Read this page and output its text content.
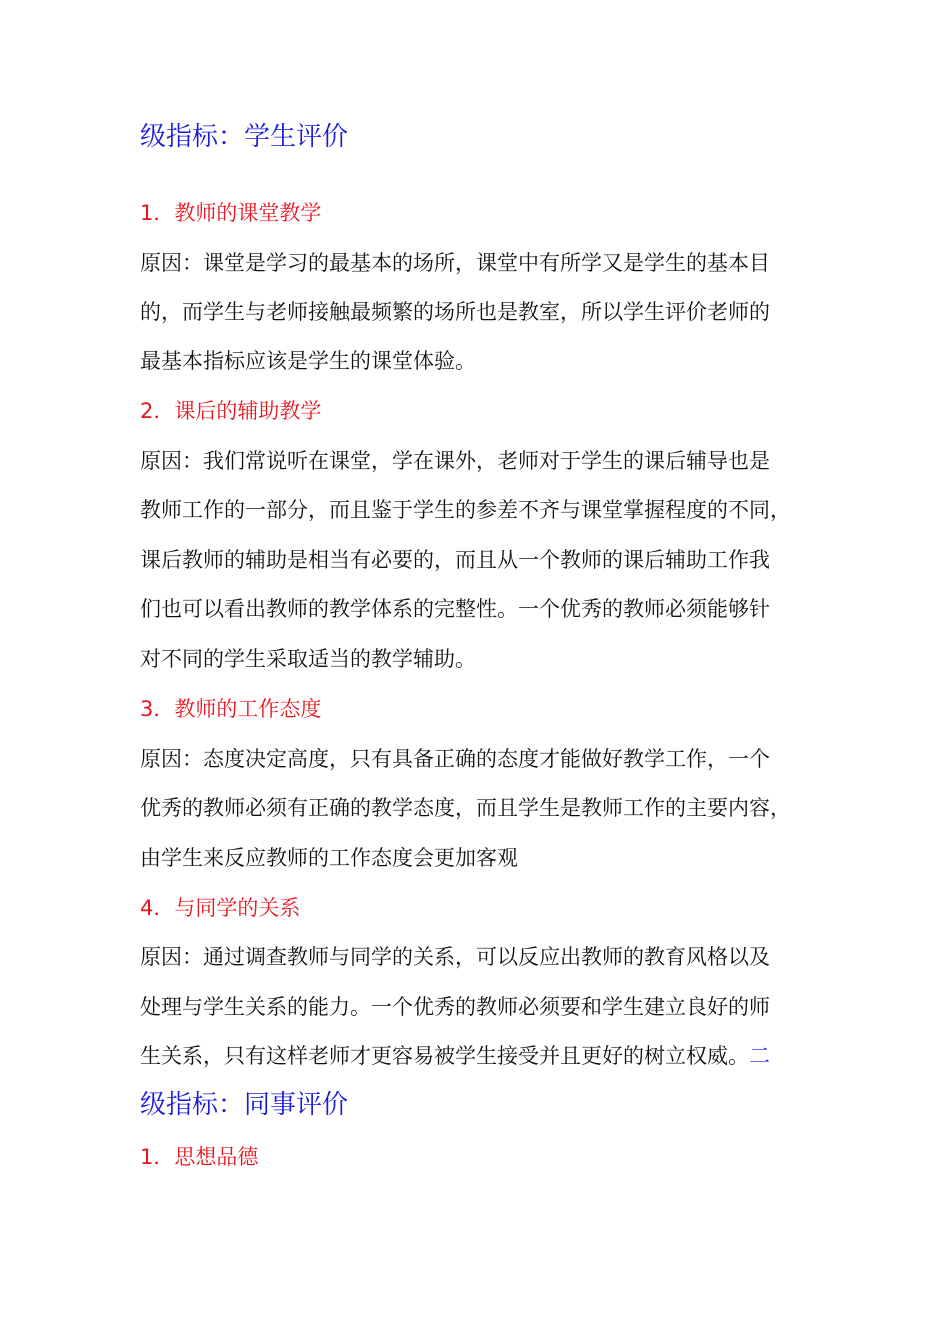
级指标：学生评价
1．教师的课堂教学
原因：课堂是学习的最基本的场所，课堂中有所学又是学生的基本目
的，而学生与老师接触最频繁的场所也是教室，所以学生评价老师的
最基本指标应该是学生的课堂体验。
2．课后的辅助教学
原因：我们常说听在课堂，学在课外，老师对于学生的课后辅导也是
教师工作的一部分，而且鉴于学生的参差不齐与课堂掌握程度的不同，
课后教师的辅助是相当有必要的，而且从一个教师的课后辅助工作我
们也可以看出教师的教学体系的完整性。一个优秀的教师必须能够针
对不同的学生采取适当的教学辅助。
3．教师的工作态度
原因：态度决定高度，只有具备正确的态度才能做好教学工作，一个
优秀的教师必须有正确的教学态度，而且学生是教师工作的主要内容，
由学生来反应教师的工作态度会更加客观
4．与同学的关系
原因：通过调查教师与同学的关系，可以反应出教师的教育风格以及
处理与学生关系的能力。一个优秀的教师必须要和学生建立良好的师
生关系，只有这样老师才更容易被学生接受并且更好的树立权威。二
级指标：同事评价
1．思想品德
